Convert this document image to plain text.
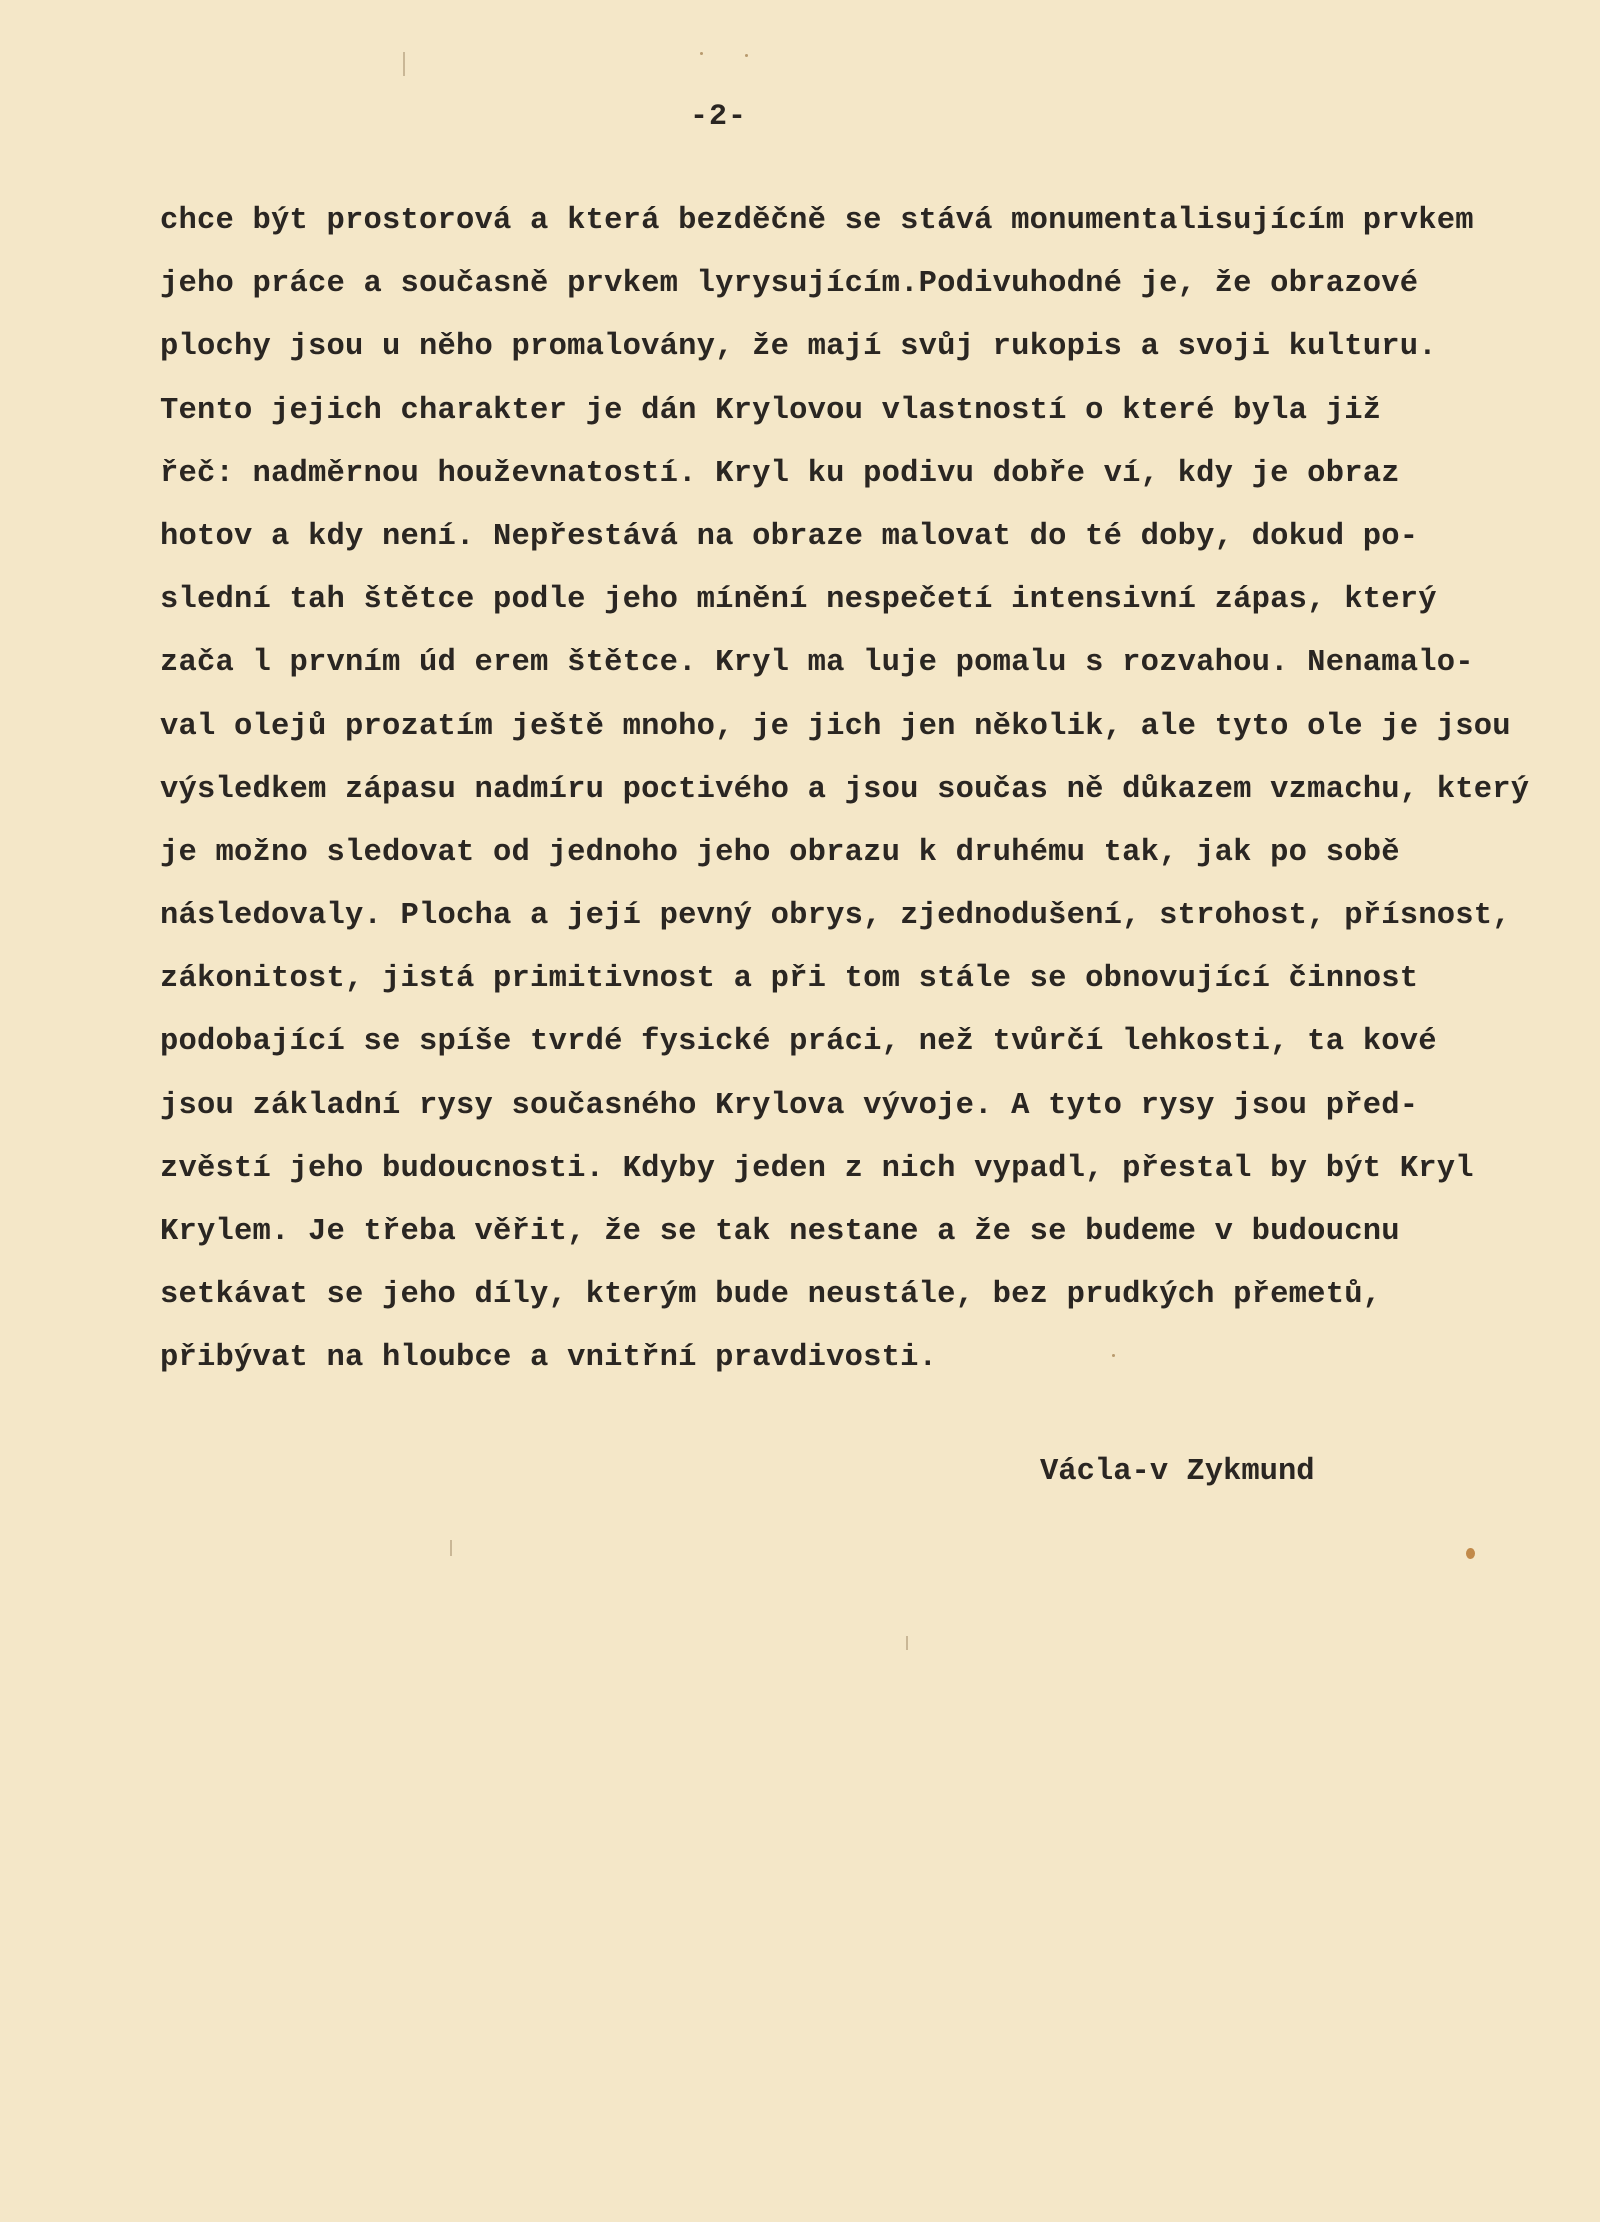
-2-
chce být prostorová a která bezděčně se stává monumentalisujícím prvkem
jeho práce a současně prvkem lyrysujícím.Podivuhodné je, že obrazové
plochy jsou u něho promalovány, že mají svůj rukopis a svoji kulturu.
Tento jejich charakter je dán Krylovou vlastností o které byla již
řeč: nadměrnou houževnatostí. Kryl ku podivu dobře ví, kdy je obraz
hotov a kdy není. Nepřestává na obraze malovat do té doby, dokud po-
slední tah štětce podle jeho mínění nespečetí intensivní zápas, který
zača l prvním úd erem štětce. Kryl ma luje pomalu s rozvahou. Nenamalo-
val olejů prozatím ještě mnoho, je jich jen několik, ale tyto ole je jsou
výsledkem zápasu nadmíru poctivého a jsou součas ně důkazem vzmachu, který
je možno sledovat od jednoho jeho obrazu k druhému tak, jak po sobě
následovaly. Plocha a její pevný obrys, zjednodušení, strohost, přísnost,
zákonitost, jistá primitivnost a při tom stále se obnovující činnost
podobající se spíše tvrdé fysické práci, než tvůrčí lehkosti, ta kové
jsou základní rysy současného Krylova vývoje. A tyto rysy jsou před-
zvěstí jeho budoucnosti. Kdyby jeden z nich vypadl, přestal by být Kryl
Krylem. Je třeba věřit, že se tak nestane a že se budeme v budoucnu
setkávat se jeho díly, kterým bude neustále, bez prudkých přemetů,
přibývat na hloubce a vnitřní pravdivosti.
Václa-v Zykmund
